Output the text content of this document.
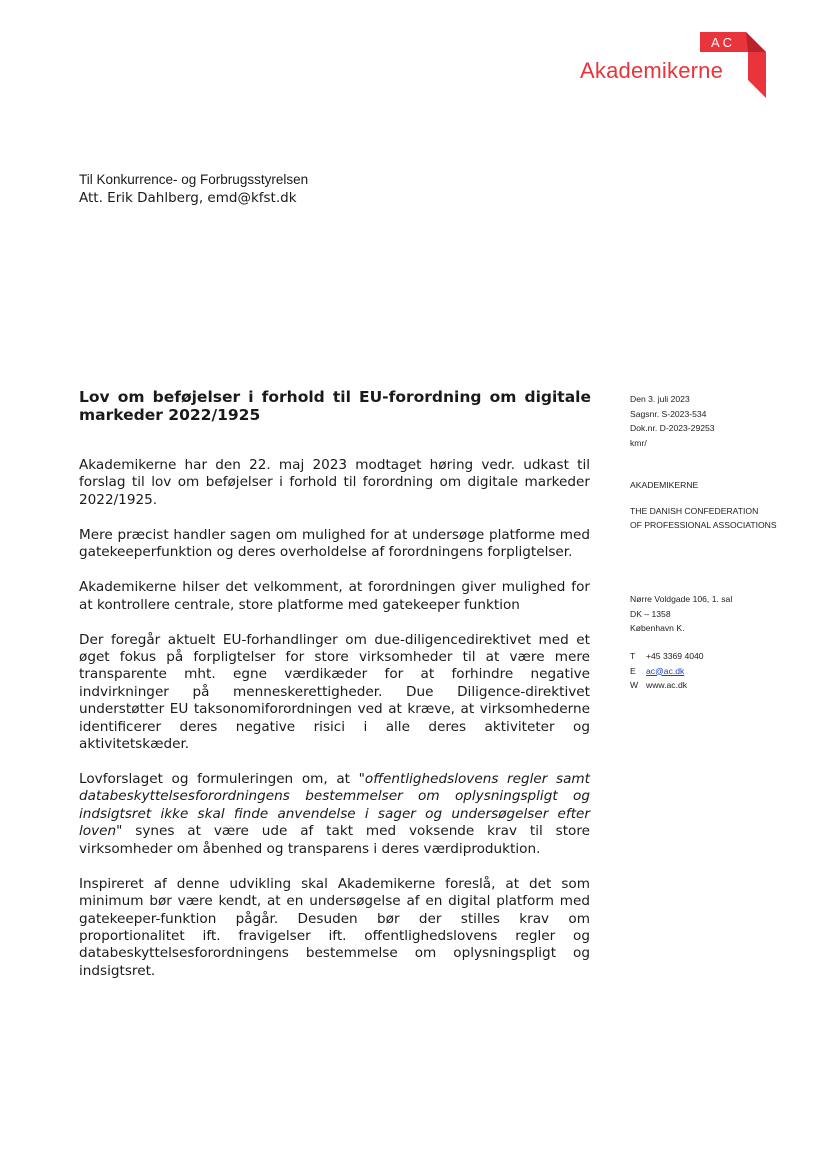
AC
Akademikerne
Til Konkurrence- og Forbrugsstyrelsen
Att. Erik Dahlberg, emd@kfst.dk
Lov om beføjelser i forhold til EU-forordning om digitale markeder 2022/1925

Akademikerne har den 22. maj 2023 modtaget høring vedr. udkast til forslag til lov om beføjelser i forhold til forordning om digitale markeder 2022/1925.

Mere præcist handler sagen om mulighed for at undersøge platforme med gatekeeperfunktion og deres overholdelse af forordningens forpligtelser.

Akademikerne hilser det velkomment, at forordningen giver mulighed for at kontrollere centrale, store platforme med gatekeeper funktion

Der foregår aktuelt EU-forhandlinger om due-diligencedirektivet med et øget fokus på forpligtelser for store virksomheder til at være mere transparente mht. egne værdikæder for at forhindre negative indvirkninger på menneskerettigheder. Due Diligence-direktivet understøtter EU taksonomiforordningen ved at kræve, at virksomhederne identificerer deres negative risici i alle deres aktiviteter og aktivitetskæder.

Lovforslaget og formuleringen om, at "offentlighedslovens regler samt databeskyttelsesforordningens bestemmelser om oplysningspligt og indsigtsret ikke skal finde anvendelse i sager og undersøgelser efter loven" synes at være ude af takt med voksende krav til store virksomheder om åbenhed og transparens i deres værdiproduktion.

Inspireret af denne udvikling skal Akademikerne foreslå, at det som minimum bør være kendt, at en undersøgelse af en digital platform med gatekeeper-funktion pågår. Desuden bør der stilles krav om proportionalitet ift. fravigelser ift. offentlighedslovens regler og databeskyttelsesforordningens bestemmelse om oplysningspligt og indsigtsret.

Den 3. juli 2023
Sagsnr. S-2023-534
Dok.nr. D-2023-29253
kmr/
AKADEMIKERNE
THE DANISH CONFEDERATION
OF PROFESSIONAL ASSOCIATIONS
Nørre Voldgade 106, 1. sal
DK – 1358
København K.
T	+45 3369 4040
E	ac@ac.dk
W www.ac.dk
